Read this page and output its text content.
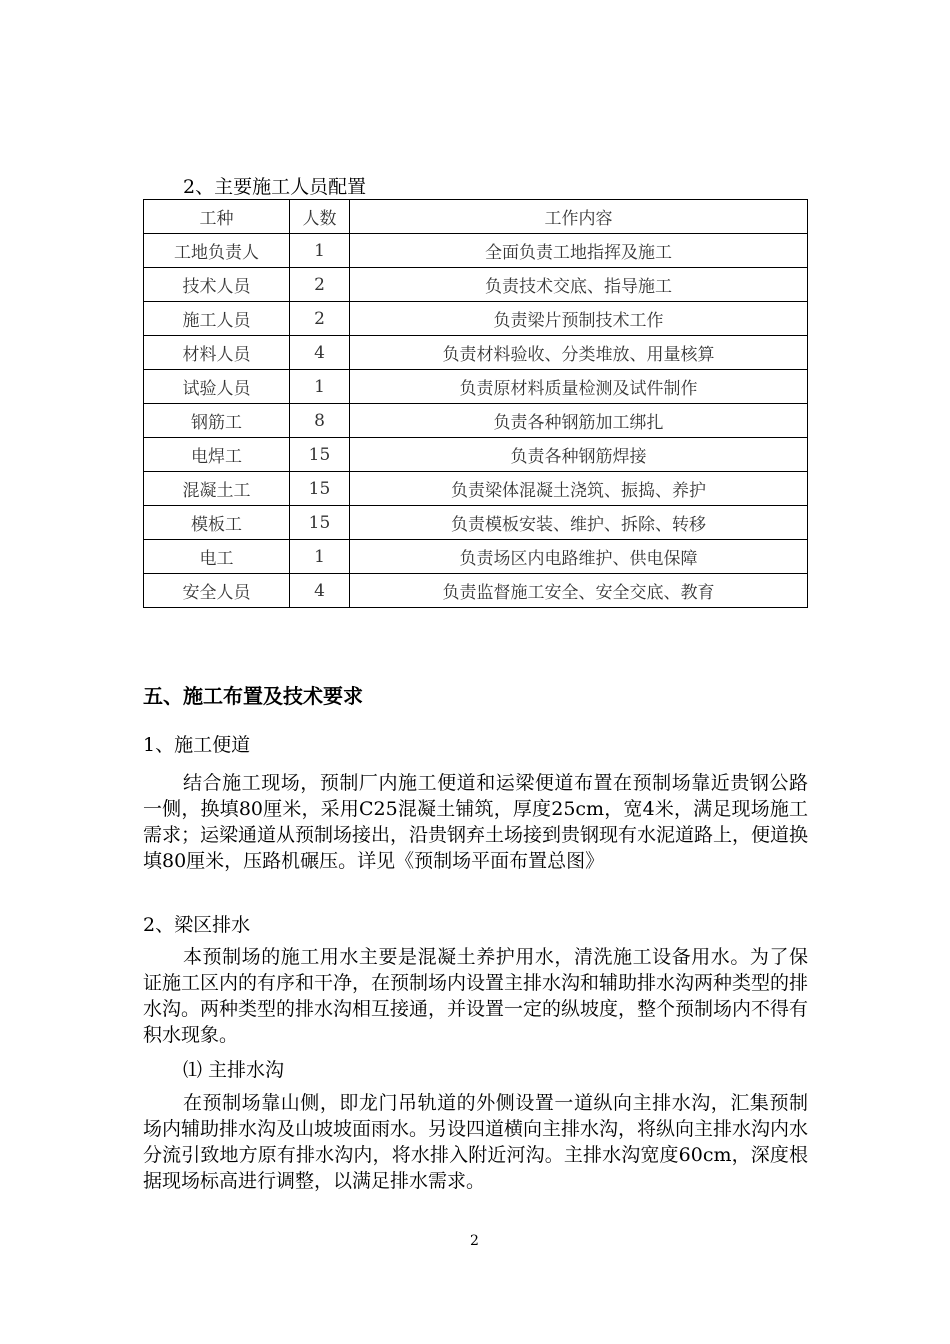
2、主要施工人员配置
工种	人数	工作内容
工地负责人	1	全面负责工地指挥及施工
技术人员	2	负责技术交底、指导施工
施工人员	2	负责梁片预制技术工作
材料人员	4	负责材料验收、分类堆放、用量核算
试验人员	1	负责原材料质量检测及试件制作
钢筋工	8	负责各种钢筋加工绑扎
电焊工	15	负责各种钢筋焊接
混凝土工	15	负责梁体混凝土浇筑、振捣、养护
模板工	15	负责模板安装、维护、拆除、转移
电工	1	负责场区内电路维护、供电保障
安全人员	4	负责监督施工安全、安全交底、教育
五、施工布置及技术要求
1、施工便道
结合施工现场，预制厂内施工便道和运梁便道布置在预制场靠近贵钢公路一侧，换填80厘米，采用C25混凝土铺筑，厚度25cm，宽4米，满足现场施工需求；运梁通道从预制场接出，沿贵钢弃土场接到贵钢现有水泥道路上，便道换填80厘米，压路机碾压。详见《预制场平面布置总图》
2、梁区排水
本预制场的施工用水主要是混凝土养护用水，清洗施工设备用水。为了保证施工区内的有序和干净，在预制场内设置主排水沟和辅助排水沟两种类型的排水沟。两种类型的排水沟相互接通，并设置一定的纵坡度，整个预制场内不得有积水现象。
⑴ 主排水沟
在预制场靠山侧，即龙门吊轨道的外侧设置一道纵向主排水沟，汇集预制场内辅助排水沟及山坡坡面雨水。另设四道横向主排水沟，将纵向主排水沟内水分流引致地方原有排水沟内，将水排入附近河沟。主排水沟宽度60cm，深度根据现场标高进行调整，以满足排水需求。
2
